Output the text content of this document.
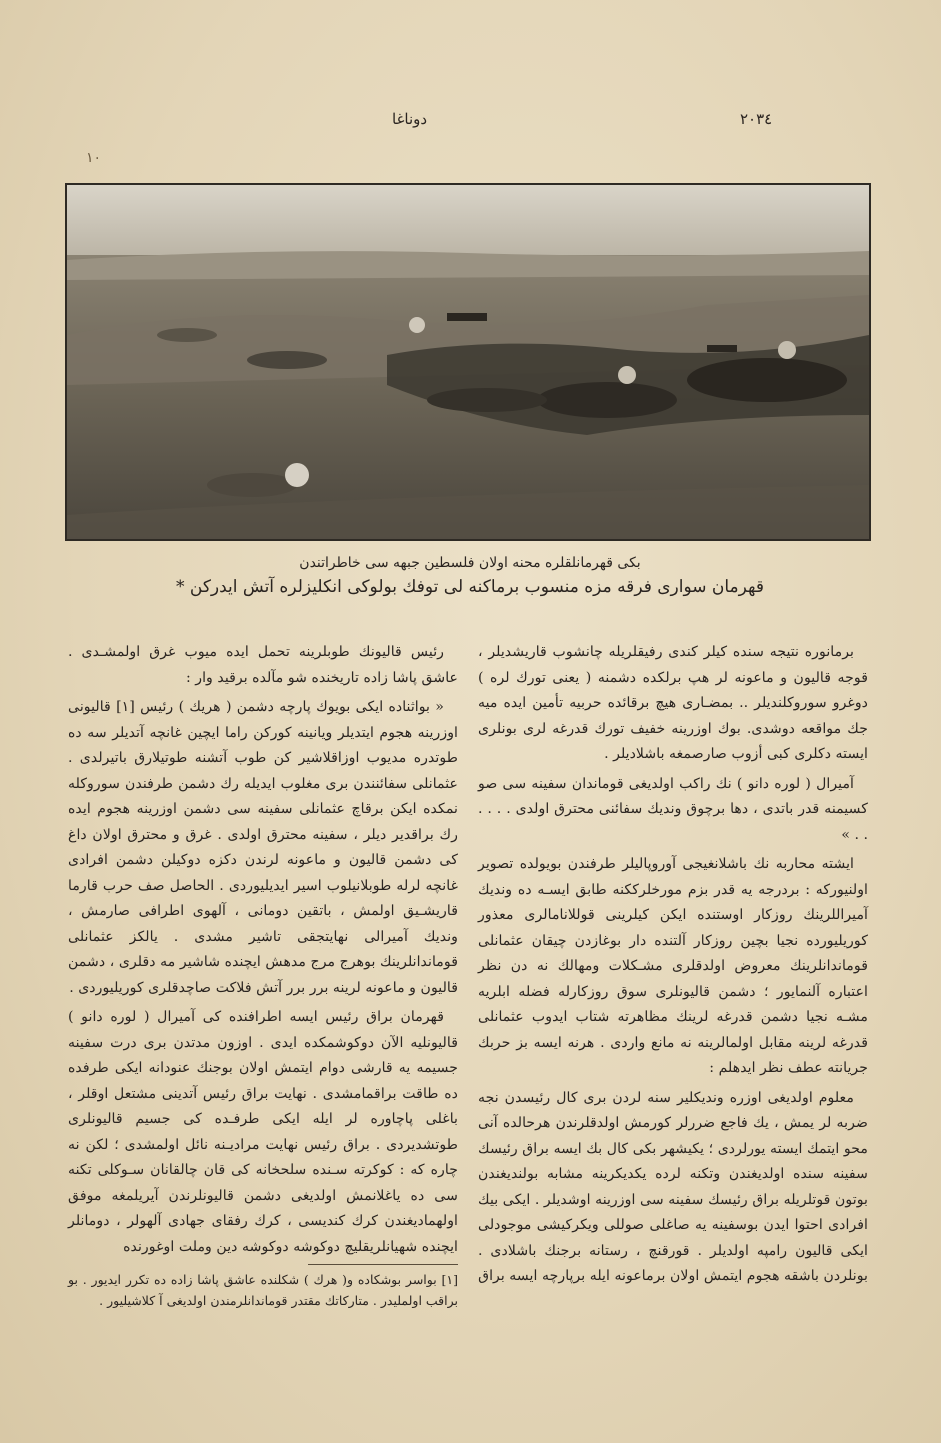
دوناغا	٢٠٣٤
١٠
بكى قهرمانلقلره محنه اولان فلسطين جبهه سى خاطراتندن
قهرمان سوارى فرقه مزه منسوب برماكنه لى توفك بولوكى انكليزلره آتش ايدركن *

برمانوره نتيجه سنده كيلر كندى رفيقلريله چانشوب قاريشديلر ، قوجه قاليون و ماعونه لر هپ برلكده دشمنه ( يعنى تورك لره ) دوغرو سوروكلنديلر .. بمضـارى هيچ برقائده حربيه تأمين ايده ميه جك مواقعه دوشدى. بوك اوزرينه خفيف تورك قدرغه لرى بونلرى ايسته دكلرى كبى أزوب صارصمغه باشلاديلر .

آميرال ( لوره دانو ) نك راكب اولديغى قوماندان سفينه سى صو كسيمنه قدر باتدى ، دها برچوق ونديك سفائنى محترق اولدى . . . . . . »

ايشته محاربه نك باشلانغيجى آوروپاليلر طرفندن بويولده تصوير اولنيوركه : بردرجه يه قدر بزم مورخلرككنه طابق ايسـه ده ونديك آميراللرينك روزكار اوستنده ايكن كيلرينى قوللانامالرى معذور كوريليورده نجيا بچين روزكار آلتنده دار بوغازدن چيقان عثمانلى قوماندانلرينك معروض اولدقلرى مشـكلات ومهالك نه دن نظر اعتباره آلنمايور ؛ دشمن قاليونلرى سوق روزكارله فضله ابلريه مشـه نجيا دشمن قدرغه لرينك مظاهرته شتاب ايدوب عثمانلى قدرغه لرينه مقابل اولمالرينه نه مانع واردى . هرنه ايسه بز حربك جريانته عطف نظر ايدهلم :

معلوم اولديغى اوزره ونديكلير سنه لردن برى كال رئيسدن نجه ضربه لر يمش ، يك فاجع ضررلر كورمش اولدقلرندن هرحالده آنى محو ايتمك ايسته يورلردى ؛ يكيشهر بكى كال بك ايسه براق رئيسك سفينه سنده اولديغندن وتكنه لرده يكديكرينه مشابه بولنديغندن بوتون قوتلريله براق رئيسك سفينه سى اوزرينه اوشديلر . ايكى بيك افرادى احتوا ايدن بوسفينه يه صاغلى صوللى ويكركيشى موجودلى ايكى قاليون رامپه اولديلر . قورقنچ ، رستانه برجنك باشلادى . بونلردن باشقه هجوم ايتمش اولان برماعونه ايله برپارچه ايسه براق

رئيس قاليونك طوبلرينه تحمل ايده ميوب غرق اولمشـدى . عاشق پاشا زاده تاريخنده شو مآلده برقيد وار :

« بواثناده ايكى بويوك پارچه دشمن ( هريك ) رئيس [١] قاليونى اوزرينه هجوم ايتديلر ويانينه كوركن راما ايچين غانچه آتديلر سه ده طوتدره مديوب اوزاقلاشير كن طوب آتشنه طوتيلارق باتيرلدى . عثمانلى سفائنندن برى مغلوب ايديله رك دشمن طرفندن سوروكله نمكده ايكن برقاچ عثمانلى سفينه سى دشمن اوزرينه هجوم ايده رك براقدير ديلر ، سفينه محترق اولدى . غرق و محترق اولان داغ كى دشمن قاليون و ماعونه لرندن دكزه دوكيلن دشمن افرادى غانچه لرله طوبلانيلوب اسير ايديليوردى . الحاصل صف حرب قارما قاريشـيق اولمش ، باتقين دومانى ، آلهوى اطرافى صارمش ، ونديك آميرالى نهايتجقى تاشير مشدى . يالكز عثمانلى قوماندانلرينك بوهرج مرج مدهش ايچنده شاشير مه دقلرى ، دشمن قاليون و ماعونه لرينه برر برر آتش فلاكت صاچدقلرى كوريليوردى .

قهرمان براق رئيس ايسه اطرافنده كى آميرال ( لوره دانو ) قاليونليه الآن دوكوشمكده ايدى . اوزون مدتدن برى درت سفينه جسيمه يه قارشى دوام ايتمش اولان بوجنك عنودانه ايكى طرفده ده طاقت براقمامشدى . نهايت براق رئيس آتدينى مشتعل اوقلر ، باغلى پاچاوره لر ايله ايكى طرفـده كى جسيم قاليونلرى طوتشديردى . براق رئيس نهايت مراديـنه نائل اولمشدى ؛ لكن نه چاره كه : كوكرته سـنده سلحخانه كى قان چالقانان سـوكلى تكنه سى ده ياغلانمش اولديغى دشمن قاليونلرندن آيريلمغه موفق اولهماديغندن كرك كنديسى ، كرك رفقاى جهادى آلهولر ، دومانلر ايچنده شهيانلريقليچ دوكوشه دوكوشه دين وملت اوغورنده

[١] بواسر بوشكاده و( هرك ) شكلنده عاشق پاشا زاده ده تكرر ايديور . بو براقب اولمليدر . متاركاتك مقتدر قوماندانلرمندن اولديغى آ كلاشيليور .
